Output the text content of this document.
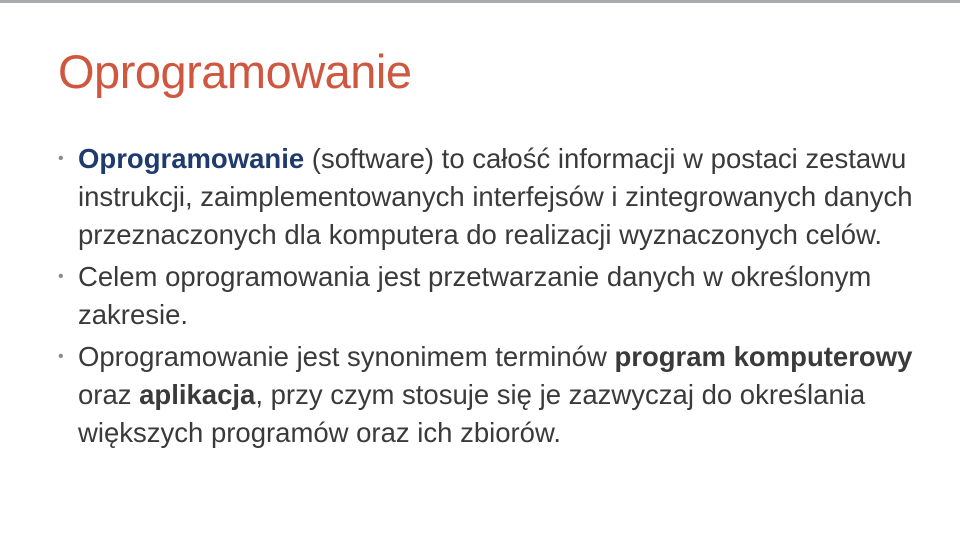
Oprogramowanie
• Oprogramowanie (software) to całość informacji w postaci zestawu instrukcji, zaimplementowanych interfejsów i zintegrowanych danych przeznaczonych dla komputera do realizacji wyznaczonych celów.
• Celem oprogramowania jest przetwarzanie danych w określonym zakresie.
• Oprogramowanie jest synonimem terminów program komputerowy oraz aplikacja, przy czym stosuje się je zazwyczaj do określania większych programów oraz ich zbiorów.
